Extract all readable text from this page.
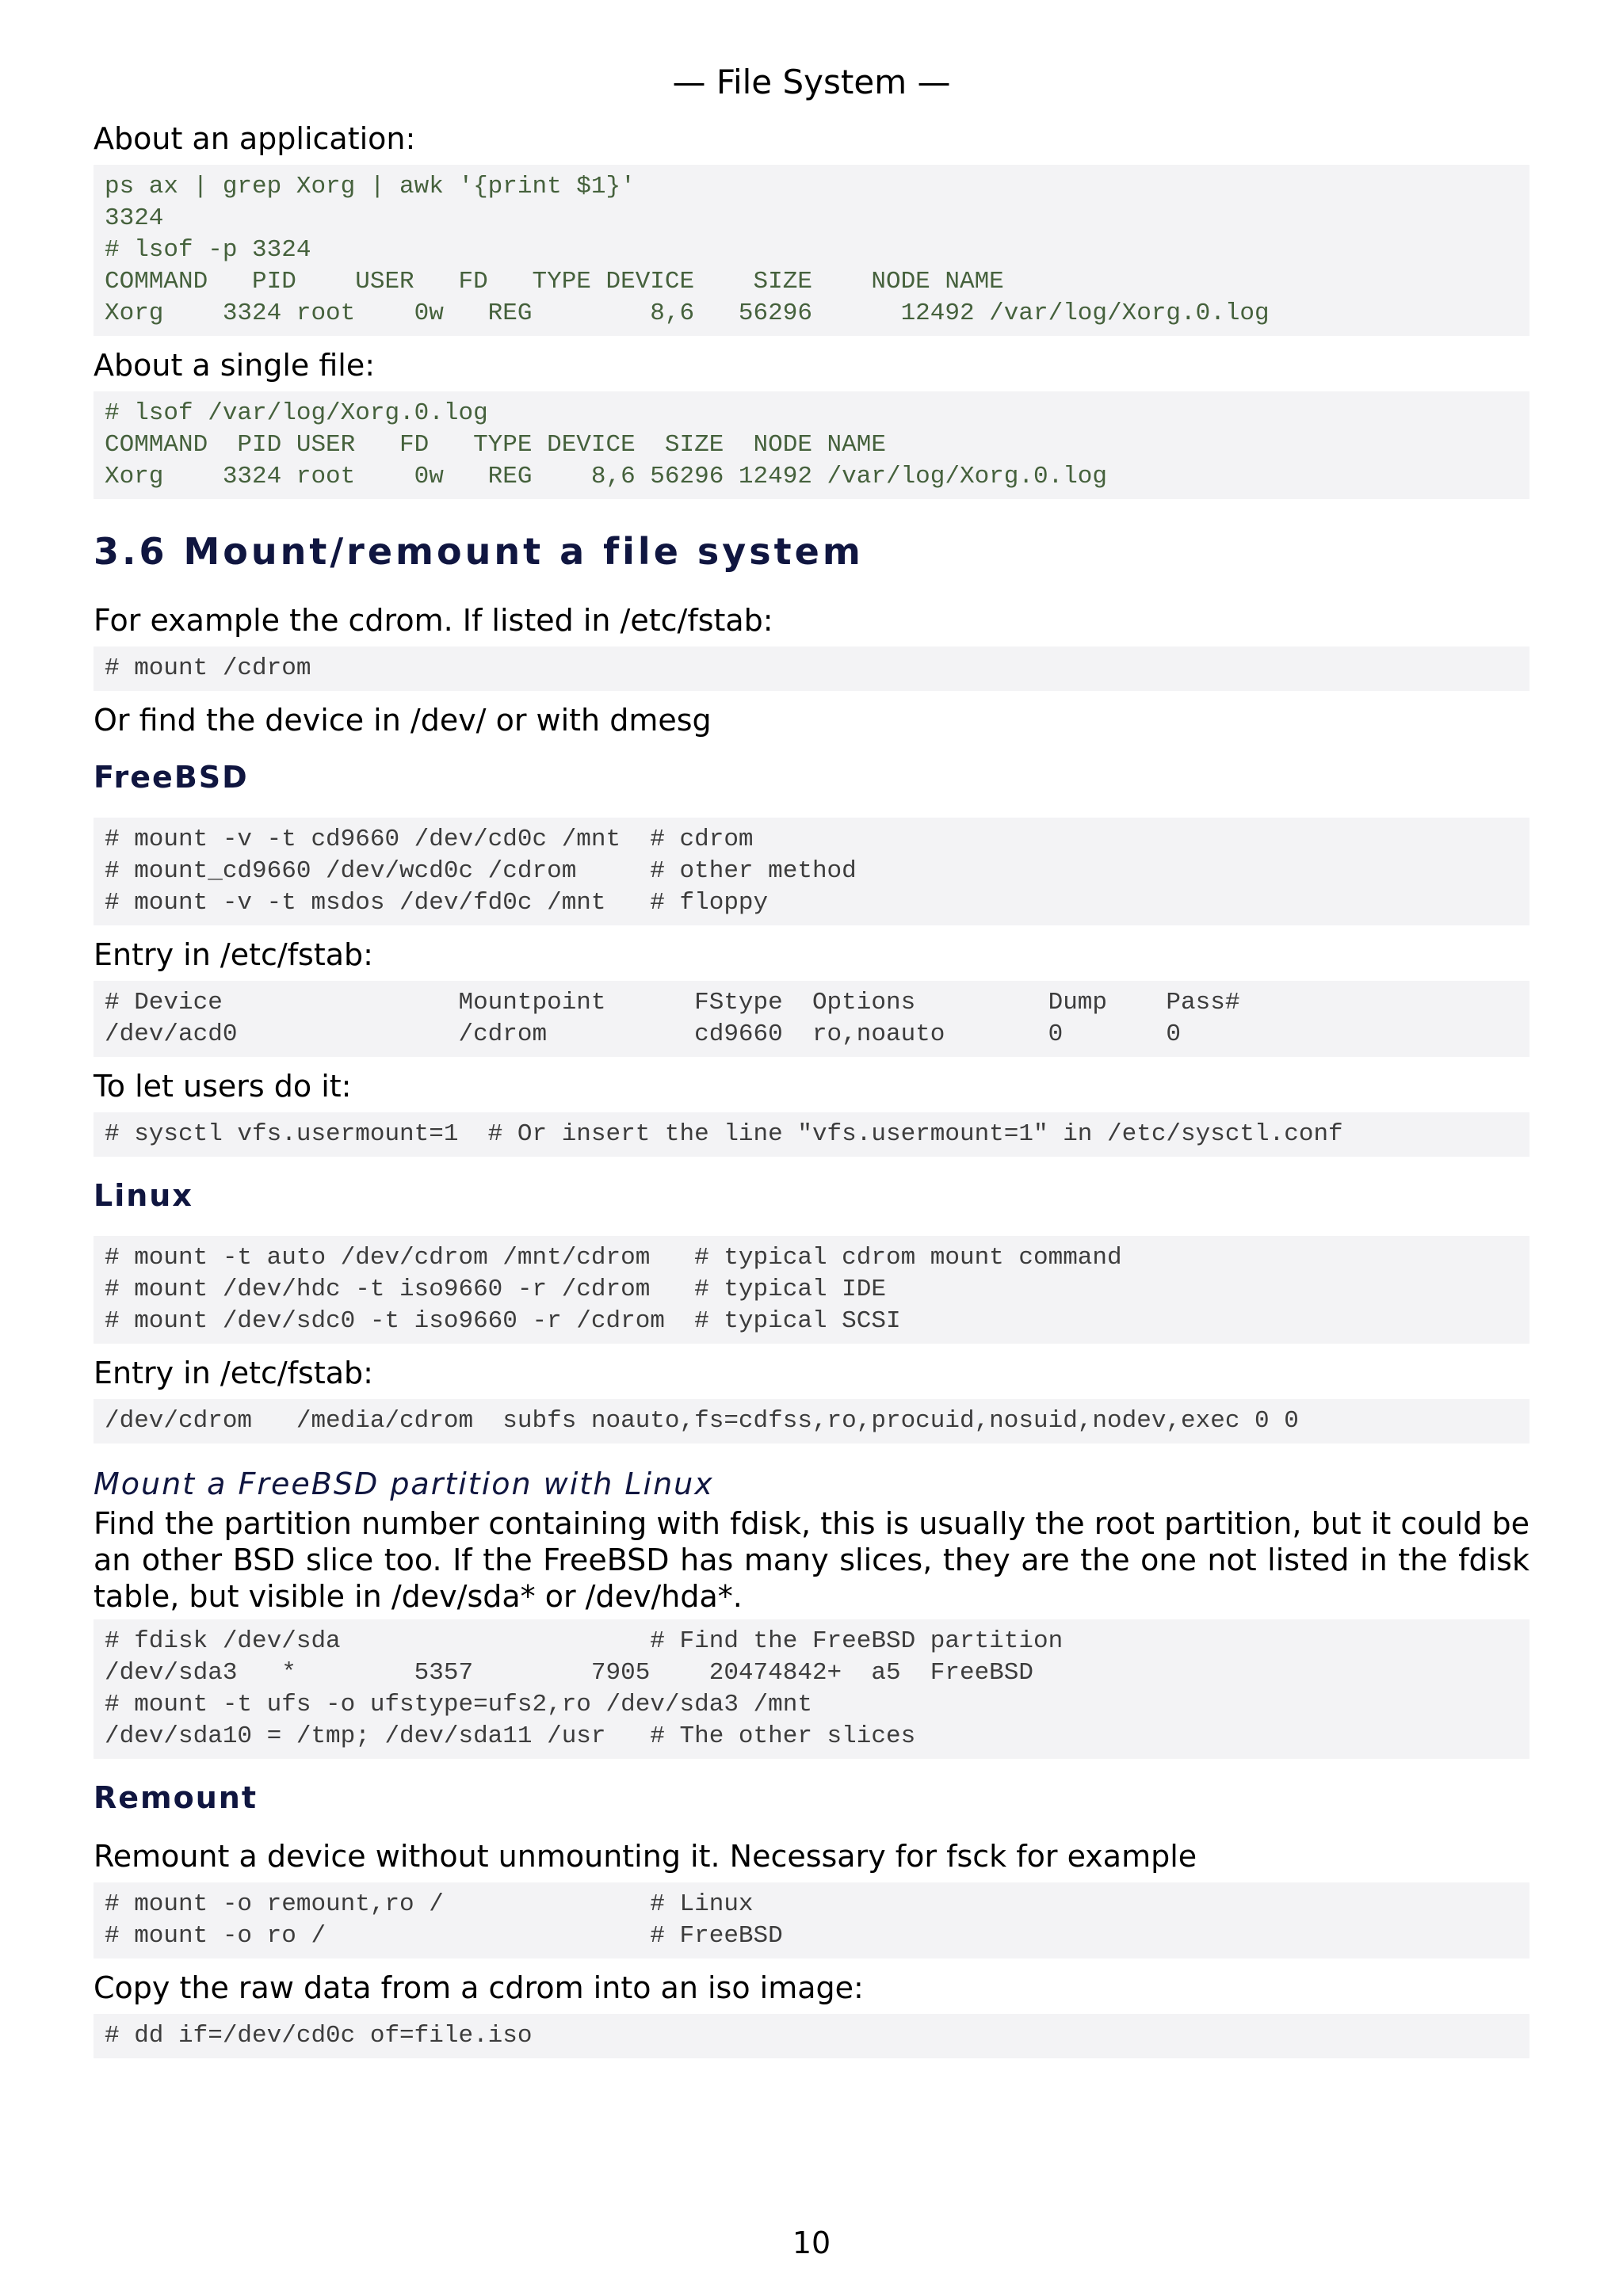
— File System —

About an application:

ps ax | grep Xorg | awk '{print $1}'
3324
# lsof -p 3324
COMMAND   PID    USER   FD   TYPE DEVICE    SIZE    NODE NAME
Xorg    3324 root    0w   REG        8,6   56296      12492 /var/log/Xorg.0.log

About a single file:

# lsof /var/log/Xorg.0.log
COMMAND  PID USER   FD   TYPE DEVICE  SIZE  NODE NAME
Xorg    3324 root    0w   REG    8,6 56296 12492 /var/log/Xorg.0.log
3.6 Mount/remount a file system

For example the cdrom. If listed in /etc/fstab:

# mount /cdrom

Or find the device in /dev/ or with dmesg

FreeBSD
# mount -v -t cd9660 /dev/cd0c /mnt  # cdrom
# mount_cd9660 /dev/wcd0c /cdrom     # other method
# mount -v -t msdos /dev/fd0c /mnt   # floppy

Entry in /etc/fstab:

# Device                Mountpoint      FStype  Options         Dump    Pass#
/dev/acd0               /cdrom          cd9660  ro,noauto       0       0

To let users do it:

# sysctl vfs.usermount=1  # Or insert the line "vfs.usermount=1" in /etc/sysctl.conf
Linux
# mount -t auto /dev/cdrom /mnt/cdrom   # typical cdrom mount command
# mount /dev/hdc -t iso9660 -r /cdrom   # typical IDE
# mount /dev/sdc0 -t iso9660 -r /cdrom  # typical SCSI

Entry in /etc/fstab:

/dev/cdrom   /media/cdrom  subfs noauto,fs=cdfss,ro,procuid,nosuid,nodev,exec 0 0
Mount a FreeBSD partition with Linux

Find the partition number containing with fdisk, this is usually the root partition, but it could be an other BSD slice too. If the FreeBSD has many slices, they are the one not listed in the fdisk table, but visible in /dev/sda* or /dev/hda*.

# fdisk /dev/sda                     # Find the FreeBSD partition
/dev/sda3   *        5357        7905    20474842+  a5  FreeBSD
# mount -t ufs -o ufstype=ufs2,ro /dev/sda3 /mnt
/dev/sda10 = /tmp; /dev/sda11 /usr   # The other slices
Remount

Remount a device without unmounting it. Necessary for fsck for example

# mount -o remount,ro /              # Linux
# mount -o ro /                      # FreeBSD

Copy the raw data from a cdrom into an iso image:

# dd if=/dev/cd0c of=file.iso
10
